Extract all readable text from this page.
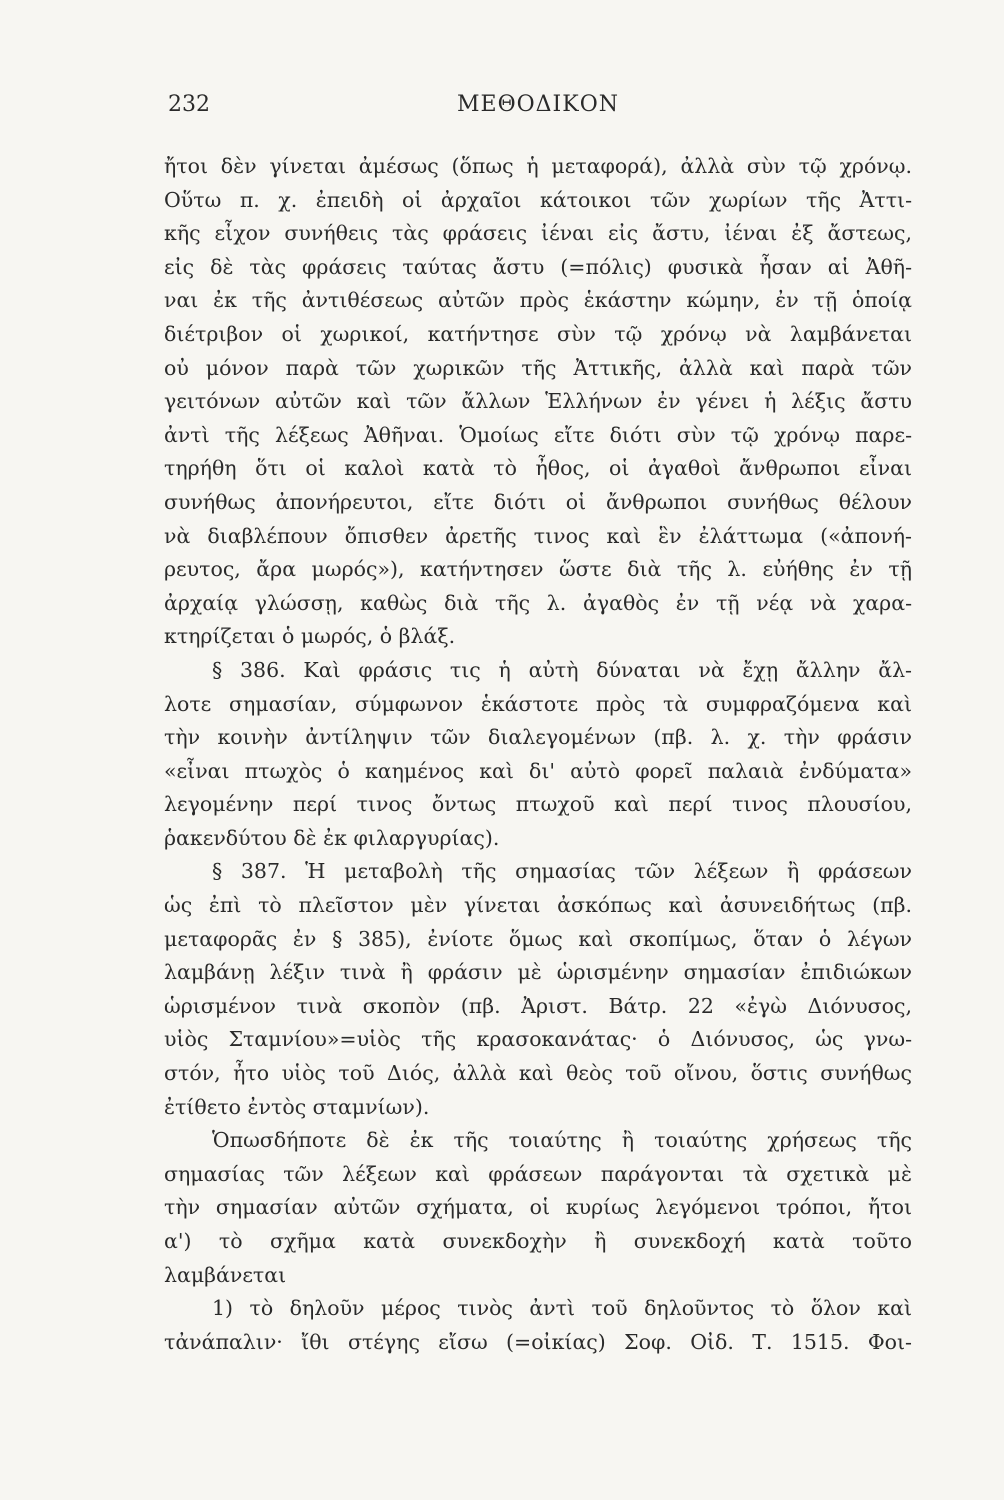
232	ΜΕΘΟΔΙΚΟΝ
ἤτοι δὲν γίνεται ἀμέσως (ὅπως ἡ μεταφορά), ἀλλὰ σὺν τῷ χρόνῳ.
Οὕτω π. χ. ἐπειδὴ οἱ ἀρχαῖοι κάτοικοι τῶν χωρίων τῆς Ἀττι-
κῆς εἶχον συνήθεις τὰς φράσεις ἰέναι εἰς ἄστυ, ἰέναι ἐξ ἄστεως,
εἰς δὲ τὰς φράσεις ταύτας ἄστυ (=πόλις) φυσικὰ ἦσαν αἱ Ἀθῆ-
ναι ἐκ τῆς ἀντιθέσεως αὐτῶν πρὸς ἑκάστην κώμην, ἐν τῇ ὁποίᾳ
διέτριβον οἱ χωρικοί, κατήντησε σὺν τῷ χρόνῳ νὰ λαμβάνεται
οὐ μόνον παρὰ τῶν χωρικῶν τῆς Ἀττικῆς, ἀλλὰ καὶ παρὰ τῶν
γειτόνων αὐτῶν καὶ τῶν ἄλλων Ἑλλήνων ἐν γένει ἡ λέξις ἄστυ
ἀντὶ τῆς λέξεως Ἀθῆναι. Ὁμοίως εἴτε διότι σὺν τῷ χρόνῳ παρε-
τηρήθη ὅτι οἱ καλοὶ κατὰ τὸ ἦθος, οἱ ἀγαθοὶ ἄνθρωποι εἶναι
συνήθως ἀπονήρευτοι, εἴτε διότι οἱ ἄνθρωποι συνήθως θέλουν
νὰ διαβλέπουν ὄπισθεν ἀρετῆς τινος καὶ ἓν ἐλάττωμα («ἀπονή-
ρευτος, ἄρα μωρός»), κατήντησεν ὥστε διὰ τῆς λ. εὐήθης ἐν τῇ
ἀρχαίᾳ γλώσσῃ, καθὼς διὰ τῆς λ. ἀγαθὸς ἐν τῇ νέᾳ νὰ χαρα-
κτηρίζεται ὁ μωρός, ὁ βλάξ.
§ 386. Καὶ φράσις τις ἡ αὐτὴ δύναται νὰ ἔχῃ ἄλλην ἄλ-
λοτε σημασίαν, σύμφωνον ἑκάστοτε πρὸς τὰ συμφραζόμενα καὶ
τὴν κοινὴν ἀντίληψιν τῶν διαλεγομένων (πβ. λ. χ. τὴν φράσιν
«εἶναι πτωχὸς ὁ καημένος καὶ δι' αὐτὸ φορεῖ παλαιὰ ἐνδύματα»
λεγομένην περί τινος ὄντως πτωχοῦ καὶ περί τινος πλουσίου,
ῥακενδύτου δὲ ἐκ φιλαργυρίας).
§ 387. Ἡ μεταβολὴ τῆς σημασίας τῶν λέξεων ἢ φράσεων
ὡς ἐπὶ τὸ πλεῖστον μὲν γίνεται ἀσκόπως καὶ ἀσυνειδήτως (πβ.
μεταφορᾶς ἐν § 385), ἐνίοτε ὅμως καὶ σκοπίμως, ὅταν ὁ λέγων
λαμβάνῃ λέξιν τινὰ ἢ φράσιν μὲ ὡρισμένην σημασίαν ἐπιδιώκων
ὡρισμένον τινὰ σκοπὸν (πβ. Ἀριστ. Βάτρ. 22 «ἐγὼ Διόνυσος,
υἱὸς Σταμνίου»=υἱὸς τῆς κρασοκανάτας· ὁ Διόνυσος, ὡς γνω-
στόν, ἦτο υἱὸς τοῦ Διός, ἀλλὰ καὶ θεὸς τοῦ οἴνου, ὅστις συνήθως
ἐτίθετο ἐντὸς σταμνίων).
Ὁπωσδήποτε δὲ ἐκ τῆς τοιαύτης ἢ τοιαύτης χρήσεως τῆς
σημασίας τῶν λέξεων καὶ φράσεων παράγονται τὰ σχετικὰ μὲ
τὴν σημασίαν αὐτῶν σχήματα, οἱ κυρίως λεγόμενοι τρόποι, ἤτοι
α') τὸ σχῆμα κατὰ συνεκδοχὴν ἢ συνεκδοχή κατὰ τοῦτο
λαμβάνεται
1) τὸ δηλοῦν μέρος τινὸς ἀντὶ τοῦ δηλοῦντος τὸ ὅλον καὶ
τἀνάπαλιν· ἴθι στέγης εἴσω (=οἰκίας) Σοφ. Οἰδ. Τ. 1515. Φοι-
